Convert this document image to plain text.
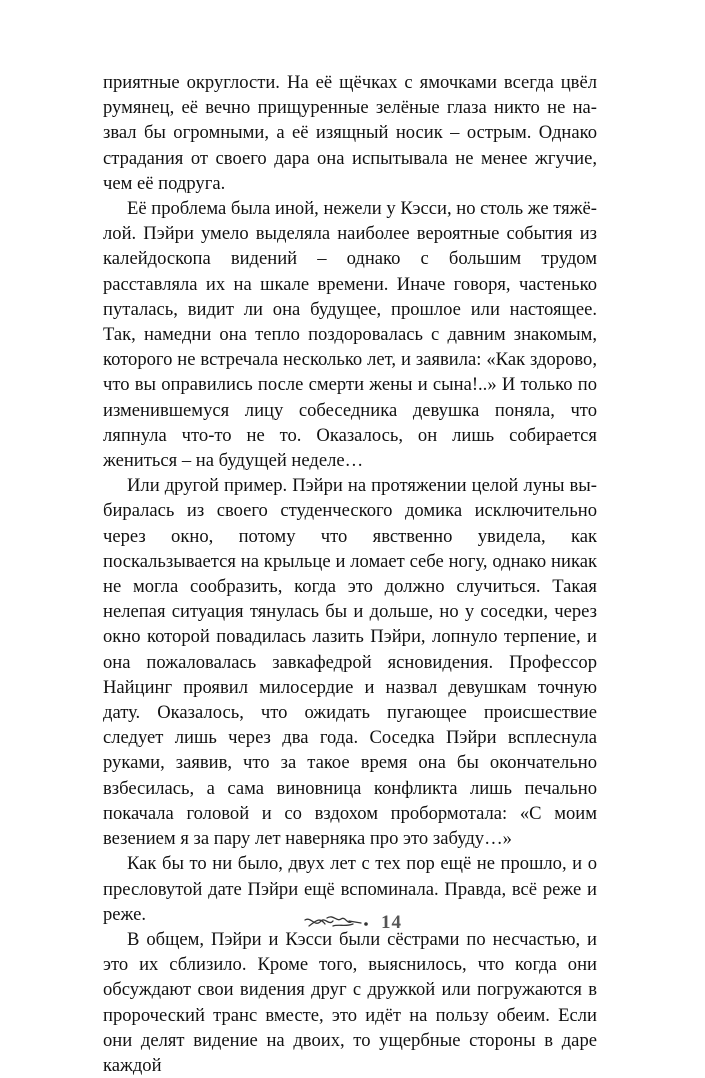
приятные округлости. На её щёчках с ямочками всегда цвёл румянец, её вечно прищуренные зелёные глаза никто не назвал бы огромными, а её изящный носик – острым. Однако страдания от своего дара она испытывала не менее жгучие, чем её подруга.

Её проблема была иной, нежели у Кэсси, но столь же тяжёлой. Пэйри умело выделяла наиболее вероятные события из калейдоскопа видений – однако с большим трудом расставляла их на шкале времени. Иначе говоря, частенько путалась, видит ли она будущее, прошлое или настоящее. Так, намедни она тепло поздоровалась с давним знакомым, которого не встречала несколько лет, и заявила: «Как здорово, что вы оправились после смерти жены и сына!..» И только по изменившемуся лицу собеседника девушка поняла, что ляпнула что-то не то. Оказалось, он лишь собирается жениться – на будущей неделе…

Или другой пример. Пэйри на протяжении целой луны выбиралась из своего студенческого домика исключительно через окно, потому что явственно увидела, как поскальзывается на крыльце и ломает себе ногу, однако никак не могла сообразить, когда это должно случиться. Такая нелепая ситуация тянулась бы и дольше, но у соседки, через окно которой повадилась лазить Пэйри, лопнуло терпение, и она пожаловалась завкафедрой ясновидения. Профессор Найцинг проявил милосердие и назвал девушкам точную дату. Оказалось, что ожидать пугающее происшествие следует лишь через два года. Соседка Пэйри всплеснула руками, заявив, что за такое время она бы окончательно взбесилась, а сама виновница конфликта лишь печально покачала головой и со вздохом пробормотала: «С моим везением я за пару лет наверняка про это забуду…»

Как бы то ни было, двух лет с тех пор ещё не прошло, и о пресловутой дате Пэйри ещё вспоминала. Правда, всё реже и реже.

В общем, Пэйри и Кэсси были сёстрами по несчастью, и это их сблизило. Кроме того, выяснилось, что когда они обсуждают свои видения друг с дружкой или погружаются в пророческий транс вместе, это идёт на пользу обеим. Если они делят видение на двоих, то ущербные стороны в даре каждой

14
